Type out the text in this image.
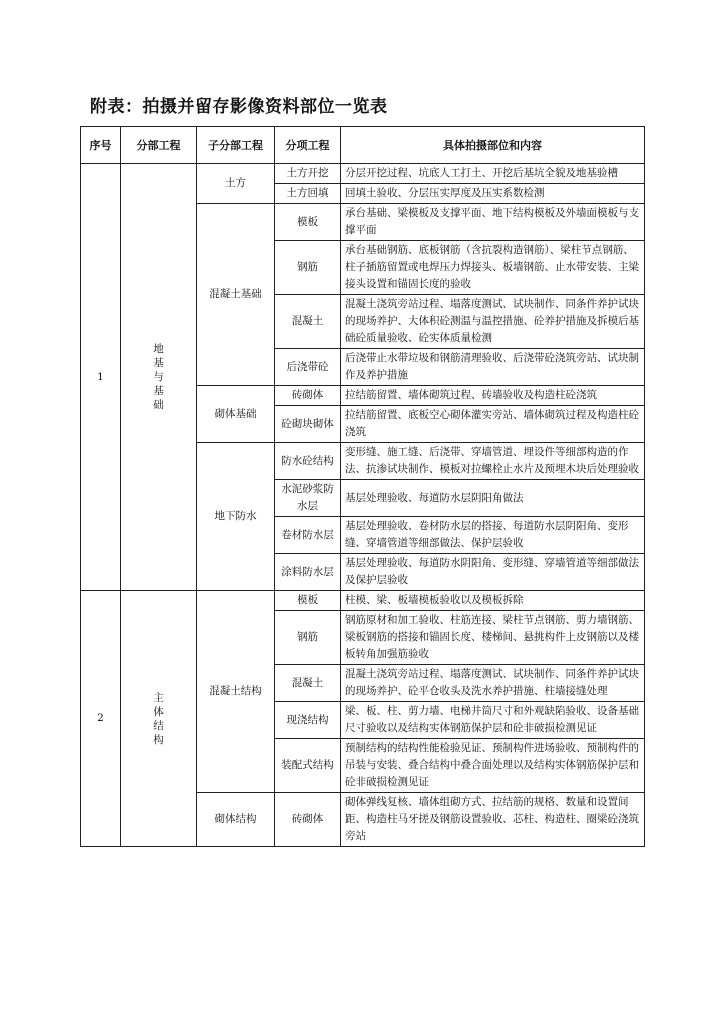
附表：拍摄并留存影像资料部位一览表
序号	分部工程	子分部工程	分项工程	具体拍摄部位和内容
1	地基与基础	土方	土方开挖	分层开挖过程、坑底人工打土、开挖后基坑全貌及地基验槽
			土方回填	回填土验收、分层压实厚度及压实系数检测
		混凝土基础	模板	承台基础、梁模板及支撑平面、地下结构模板及外墙面模板与支撑平面
			钢筋	承台基础钢筋、底板钢筋（含抗裂构造钢筋）、梁柱节点钢筋、柱子插筋留置或电焊压力焊接头、板墙钢筋、止水带安装、主梁接头设置和锚固长度的验收
			混凝土	混凝土浇筑旁站过程、塌落度测试、试块制作、同条件养护试块的现场养护、大体积砼测温与温控措施、砼养护措施及拆模后基础砼质量验收、砼实体质量检测
			后浇带砼	后浇带止水带垃圾和钢筋清理验收、后浇带砼浇筑旁站、试块制作及养护措施
		砌体基础	砖砌体	拉结筋留置、墙体砌筑过程、砖墙验收及构造柱砼浇筑
			砼砌块砌体	拉结筋留置、底板空心砌体灌实旁站、墙体砌筑过程及构造柱砼浇筑
		地下防水	防水砼结构	变形缝、施工缝、后浇带、穿墙管道、埋设件等细部构造的作法、抗渗试块制作、模板对拉螺栓止水片及预埋木块后处理验收
			水泥砂浆防水层	基层处理验收、每道防水层阴阳角做法
			卷材防水层	基层处理验收、卷材防水层的搭接、每道防水层阴阳角、变形缝、穿墙管道等细部做法、保护层验收
			涂料防水层	基层处理验收、每道防水阴阳角、变形缝、穿墙管道等细部做法及保护层验收
2	主体结构	混凝土结构	模板	柱模、梁、板墙模板验收以及模板拆除
			钢筋	钢筋原材和加工验收、柱筋连接、梁柱节点钢筋、剪力墙钢筋、梁板钢筋的搭接和锚固长度、楼梯间、悬挑构件上皮钢筋以及楼板转角加强筋验收
			混凝土	混凝土浇筑旁站过程、塌落度测试、试块制作、同条件养护试块的现场养护、砼平仓收头及洗水养护措施、柱墙接缝处理
			现浇结构	梁、板、柱、剪力墙、电梯井筒尺寸和外观缺陷验收、设备基础尺寸验收以及结构实体钢筋保护层和砼非破损检测见证
			装配式结构	预制结构的结构性能检验见证、预制构件进场验收、预制构件的吊装与安装、叠合结构中叠合面处理以及结构实体钢筋保护层和砼非破损检测见证
		砌体结构	砖砌体	砌体弹线复核、墙体组砌方式、拉结筋的规格、数量和设置间距、构造柱马牙搓及钢筋设置验收、芯柱、构造柱、圈梁砼浇筑旁站
